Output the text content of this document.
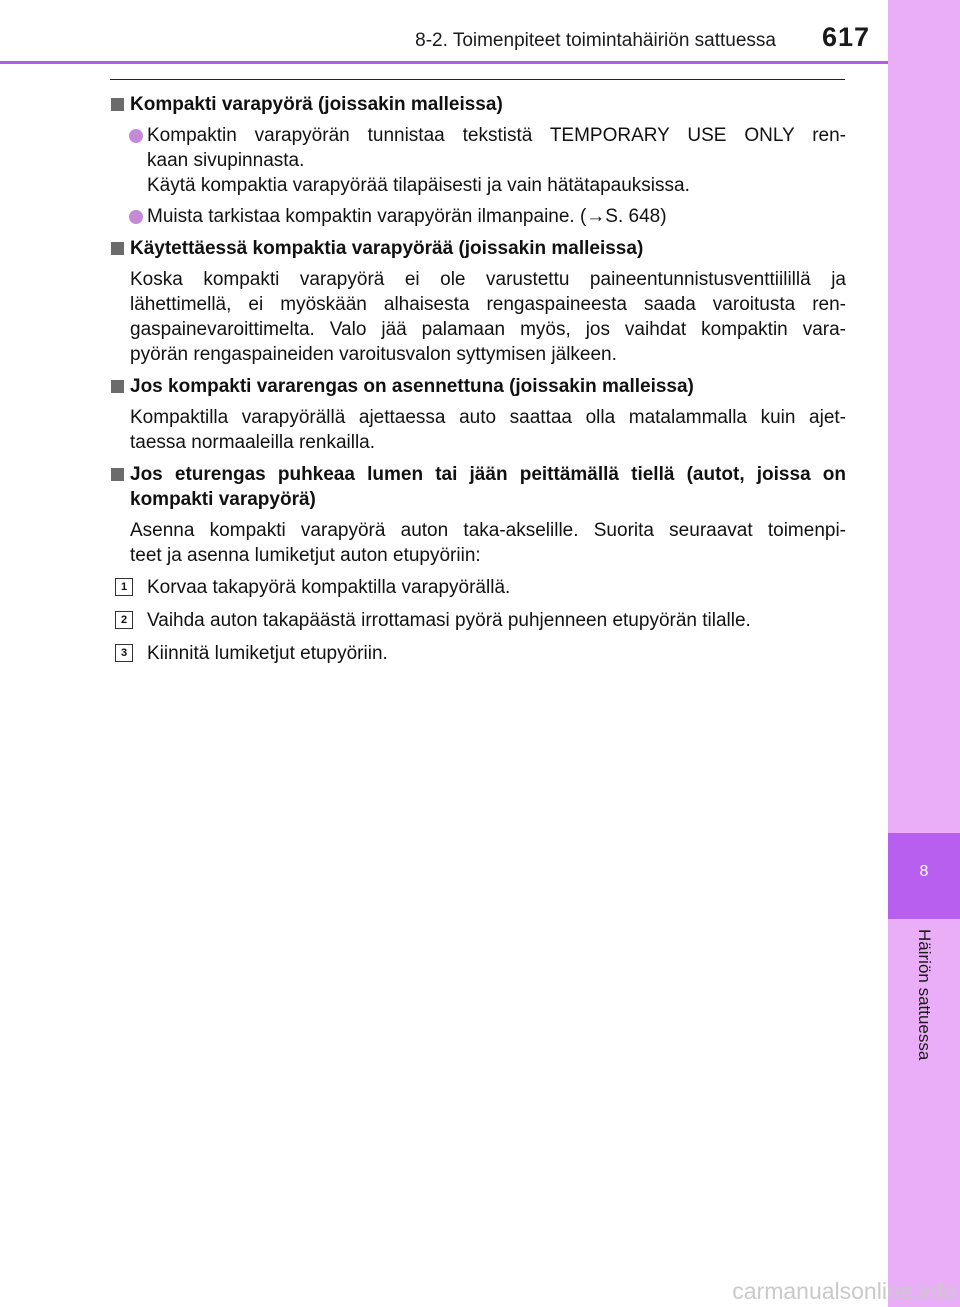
8-2. Toimenpiteet toimintahäiriön sattuessa 617
8
Häiriön sattuessa
Kompakti varapyörä (joissakin malleissa)
Kompaktin varapyörän tunnistaa tekstistä TEMPORARY USE ONLY ren-
kaan sivupinnasta.
Käytä kompaktia varapyörää tilapäisesti ja vain hätätapauksissa.
Muista tarkistaa kompaktin varapyörän ilmanpaine. (→S. 648)
Käytettäessä kompaktia varapyörää (joissakin malleissa)
Koska kompakti varapyörä ei ole varustettu paineentunnistusventtiilillä ja
lähettimellä, ei myöskään alhaisesta rengaspaineesta saada varoitusta ren-
gaspainevaroittimelta. Valo jää palamaan myös, jos vaihdat kompaktin vara-
pyörän rengaspaineiden varoitusvalon syttymisen jälkeen.
Jos kompakti vararengas on asennettuna (joissakin malleissa)
Kompaktilla varapyörällä ajettaessa auto saattaa olla matalammalla kuin ajet-
taessa normaaleilla renkailla.
Jos eturengas puhkeaa lumen tai jään peittämällä tiellä (autot, joissa on
kompakti varapyörä)
Asenna kompakti varapyörä auton taka-akselille. Suorita seuraavat toimenpi-
teet ja asenna lumiketjut auton etupyöriin:
1	Korvaa takapyörä kompaktilla varapyörällä.
2	Vaihda auton takapäästä irrottamasi pyörä puhjenneen etupyörän tilalle.
3	Kiinnitä lumiketjut etupyöriin.
carmanualsonline.info
